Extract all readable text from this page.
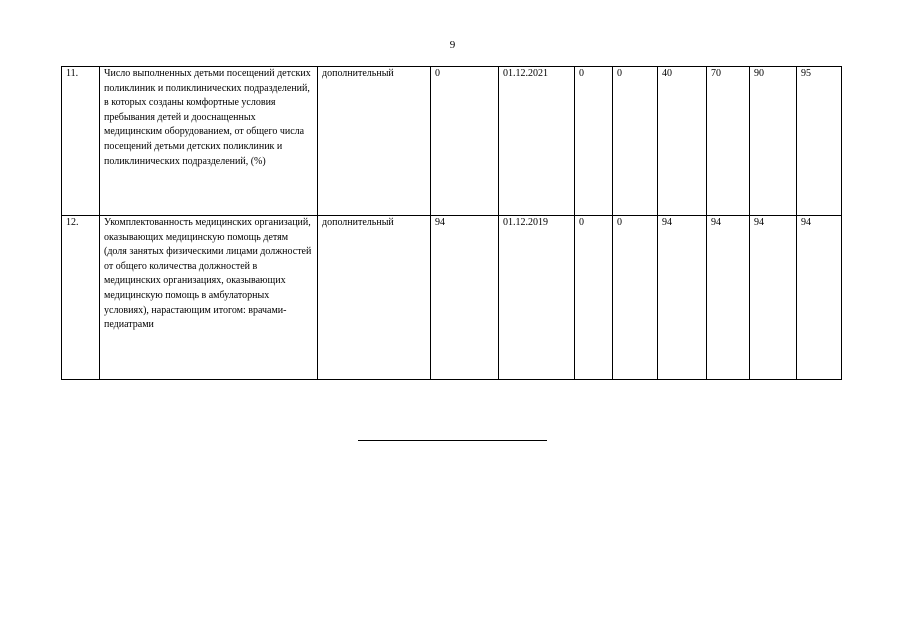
9
11.	Число выполненных детьми посещений детских поликлиник и поликлинических подразделений, в которых созданы комфортные условия пребывания детей и дооснащенных медицинским оборудованием, от общего числа посещений детьми детских поликлиник и поликлинических подразделений, (%)	дополнительный	0	01.12.2021	0	0	40	70	90	95
12.	Укомплектованность медицинских организаций, оказывающих медицинскую помощь детям (доля занятых физическими лицами должностей от общего количества должностей в медицинских организациях, оказывающих медицинскую помощь в амбулаторных условиях), нарастающим итогом: врачами-педиатрами	дополнительный	94	01.12.2019	0	0	94	94	94	94
